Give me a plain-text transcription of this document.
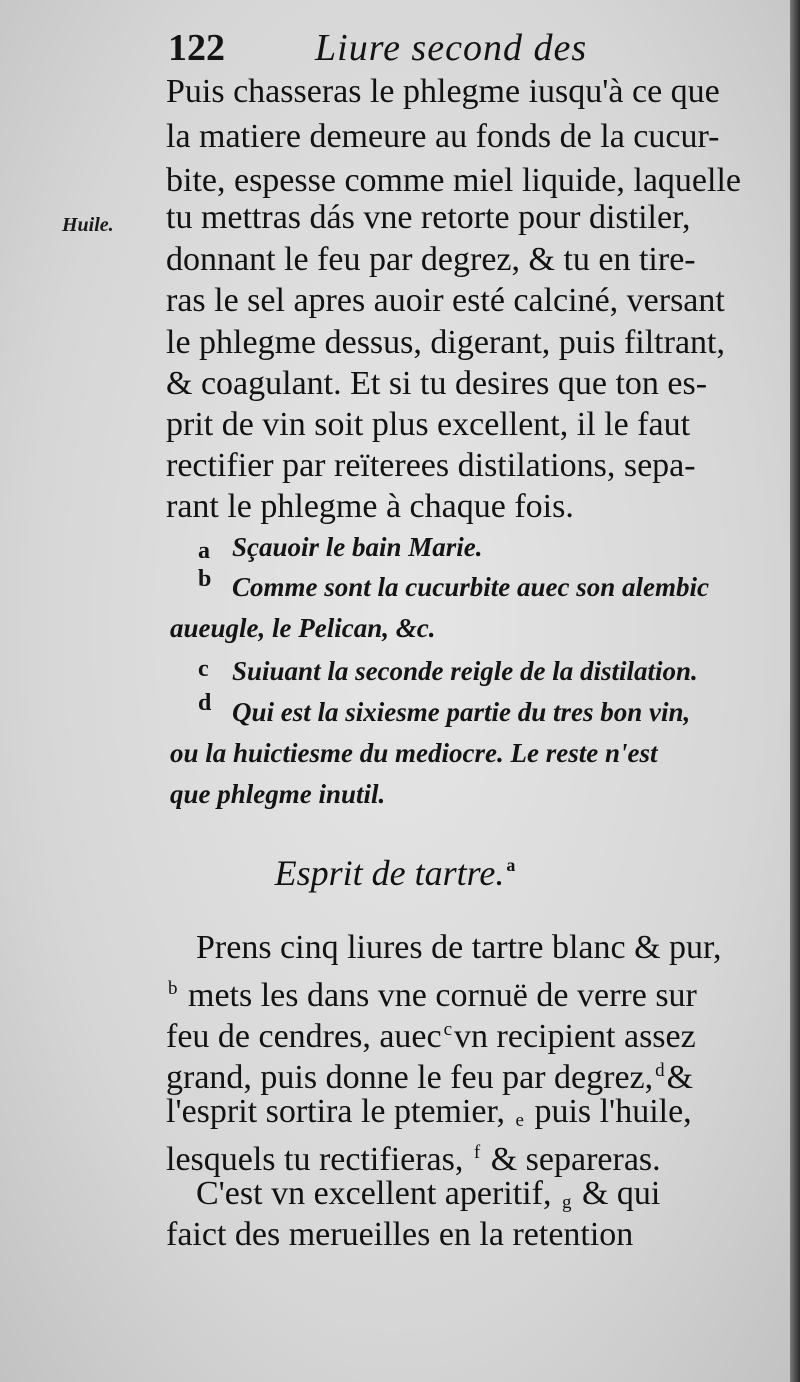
122 Liure second des
Huile.
Puis chasseras le phlegme iusqu'à ce que
la matiere demeure au fonds de la cucur-
bite, espesse comme miel liquide, laquelle
tu mettras dás vne retorte pour distiler,
donnant le feu par degrez, & tu en tire-
ras le sel apres auoir esté calciné, versant
le phlegme dessus, digerant, puis filtrant,
& coagulant. Et si tu desires que ton es-
prit de vin soit plus excellent, il le faut
rectifier par reïterees distilations, sepa-
rant le phlegme à chaque fois.
a Sçauoir le bain Marie.
b Comme sont la cucurbite auec son alembic
aueugle, le Pelican, &c.
c Suiuant la seconde reigle de la distilation.
d Qui est la sixiesme partie du tres bon vin,
ou la huictiesme du mediocre. Le reste n'est
que phlegme inutil.
Esprit de tartre. $^a$
Prens cinq liures de tartre blanc & pur,
$^b$ mets les dans vne cornuë de verre sur
feu de cendres, auec $^c$vn recipient assez
grand, puis donne le feu par degrez, $^d$&
l'esprit sortira le ptemier, e puis l'huile,
lesquels tu rectifieras, $^f$ & separeras.
C'est vn excellent aperitif, g & qui
faict des merueilles en la retention
